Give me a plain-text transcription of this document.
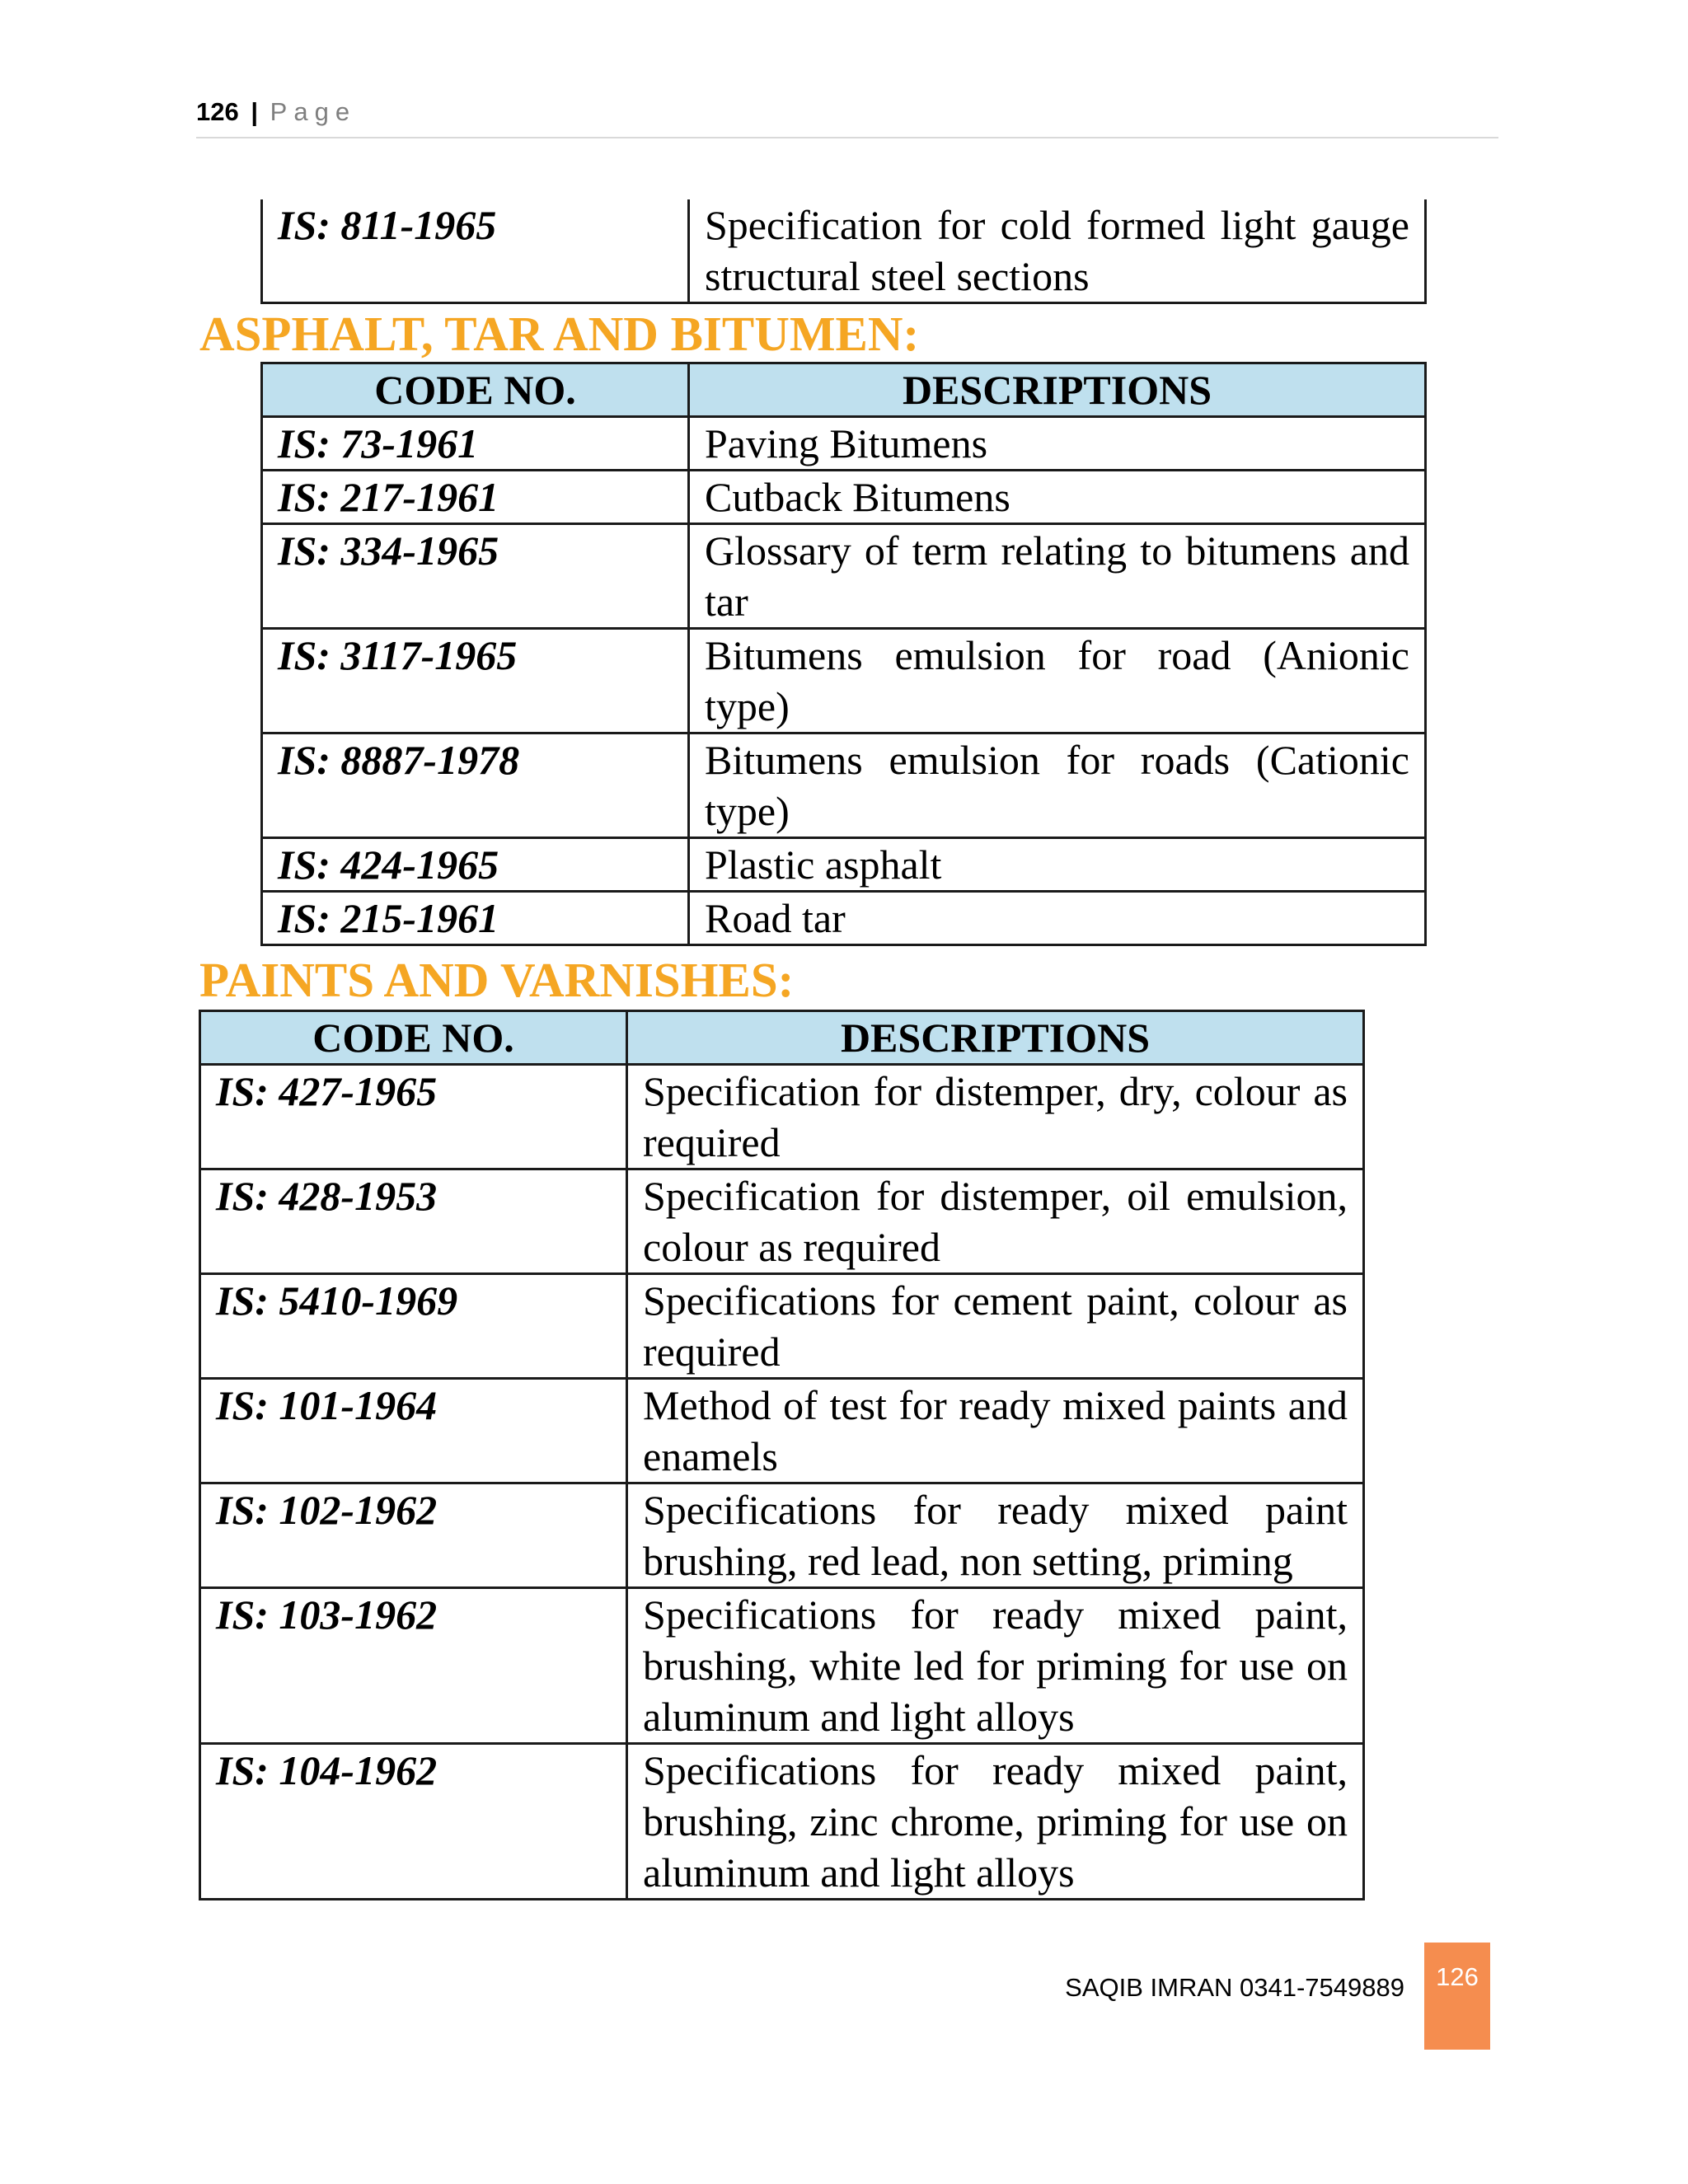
126 | Page
IS: 811-1965	Specification for cold formed light gauge structural steel sections
ASPHALT, TAR AND BITUMEN:
CODE NO.	DESCRIPTIONS
IS: 73-1961	Paving Bitumens
IS: 217-1961	Cutback Bitumens
IS: 334-1965	Glossary of term relating to bitumens and tar
IS: 3117-1965	Bitumens emulsion for road (Anionic type)
IS: 8887-1978	Bitumens emulsion for roads (Cationic type)
IS: 424-1965	Plastic asphalt
IS: 215-1961	Road tar
PAINTS AND VARNISHES:
CODE NO.	DESCRIPTIONS
IS: 427-1965	Specification for distemper, dry, colour as required
IS: 428-1953	Specification for distemper, oil emulsion, colour as required
IS: 5410-1969	Specifications for cement paint, colour as required
IS: 101-1964	Method of test for ready mixed paints and enamels
IS: 102-1962	Specifications for ready mixed paint brushing, red lead, non setting, priming
IS: 103-1962	Specifications for ready mixed paint, brushing, white led for priming for use on aluminum and light alloys
IS: 104-1962	Specifications for ready mixed paint, brushing, zinc chrome, priming for use on aluminum and light alloys
SAQIB IMRAN 0341-7549889	126
